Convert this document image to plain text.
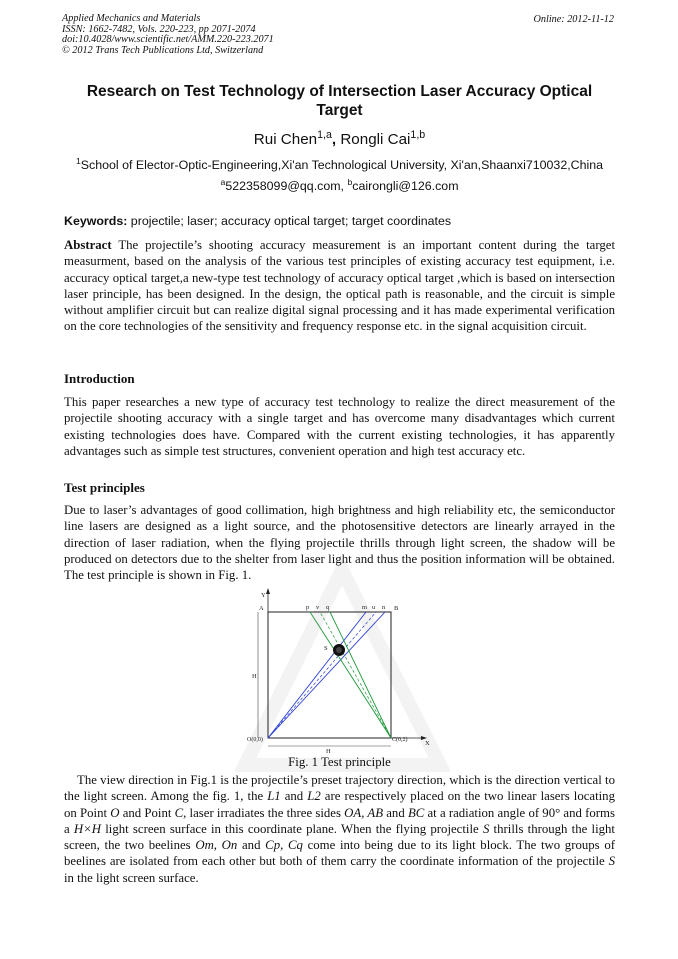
Applied Mechanics and Materials
ISSN: 1662-7482, Vols. 220-223, pp 2071-2074
doi:10.4028/www.scientific.net/AMM.220-223.2071
© 2012 Trans Tech Publications Ltd, Switzerland
Online: 2012-11-12
Research on Test Technology of Intersection Laser Accuracy Optical Target
Rui Chen$^{1,a}$, Rongli Cai$^{1,b}$
$^1$School of Elector-Optic-Engineering,Xi'an Technological University, Xi'an,Shaanxi710032,China
$^a$522358099@qq.com, $^b$cairongli@126.com
Keywords: projectile; laser; accuracy optical target; target coordinates
Abstract The projectile’s shooting accuracy measurement is an important content during the target measurment, based on the analysis of the various test principles of existing accuracy test equipment, i.e. accuracy optical target,a new-type test technology of accuracy optical target ,which is based on intersection laser principle, has been designed. In the design, the optical path is reasonable, and the circuit is simple without amplifier circuit but can realize digital signal processing and it has made experimental verification on the core technologies of the sensitivity and frequency response etc. in the signal acquisition circuit.
Introduction
This paper researches a new type of accuracy test technology to realize the direct measurement of the projectile shooting accuracy with a single target and has overcome many disadvantages which current existing technologies does have. Compared with the current existing technologies, it has apparently advantages such as simple test structures, convenient operation and high test accuracy etc.
Test principles
Due to laser’s advantages of good collimation, high brightness and high reliability etc, the semiconductor line lasers are designed as a light source, and the photosensitive detectors are linearly arrayed in the direction of laser radiation, when the flying projectile thrills through light screen, the shadow will be produced on detectors due to the shelter from laser light and thus the position information will be obtained. The test principle is shown in Fig. 1.
Y
X
A	B
p v q	m u n
S
H
H
O(0,0)	C(0,2)
Fig. 1 Test principle
The view direction in Fig.1 is the projectile’s preset trajectory direction, which is the direction vertical to the light screen. Among the fig. 1, the L1 and L2 are respectively placed on the two linear lasers locating on Point O and Point C, laser irradiates the three sides OA, AB and BC at a radiation angle of 90° and forms a H×H light screen surface in this coordinate plane. When the flying projectile S thrills through the light screen, the two beelines Om, On and Cp, Cq come into being due to its light block. The two groups of beelines are isolated from each other but both of them carry the coordinate information of the projectile S in the light screen surface.
